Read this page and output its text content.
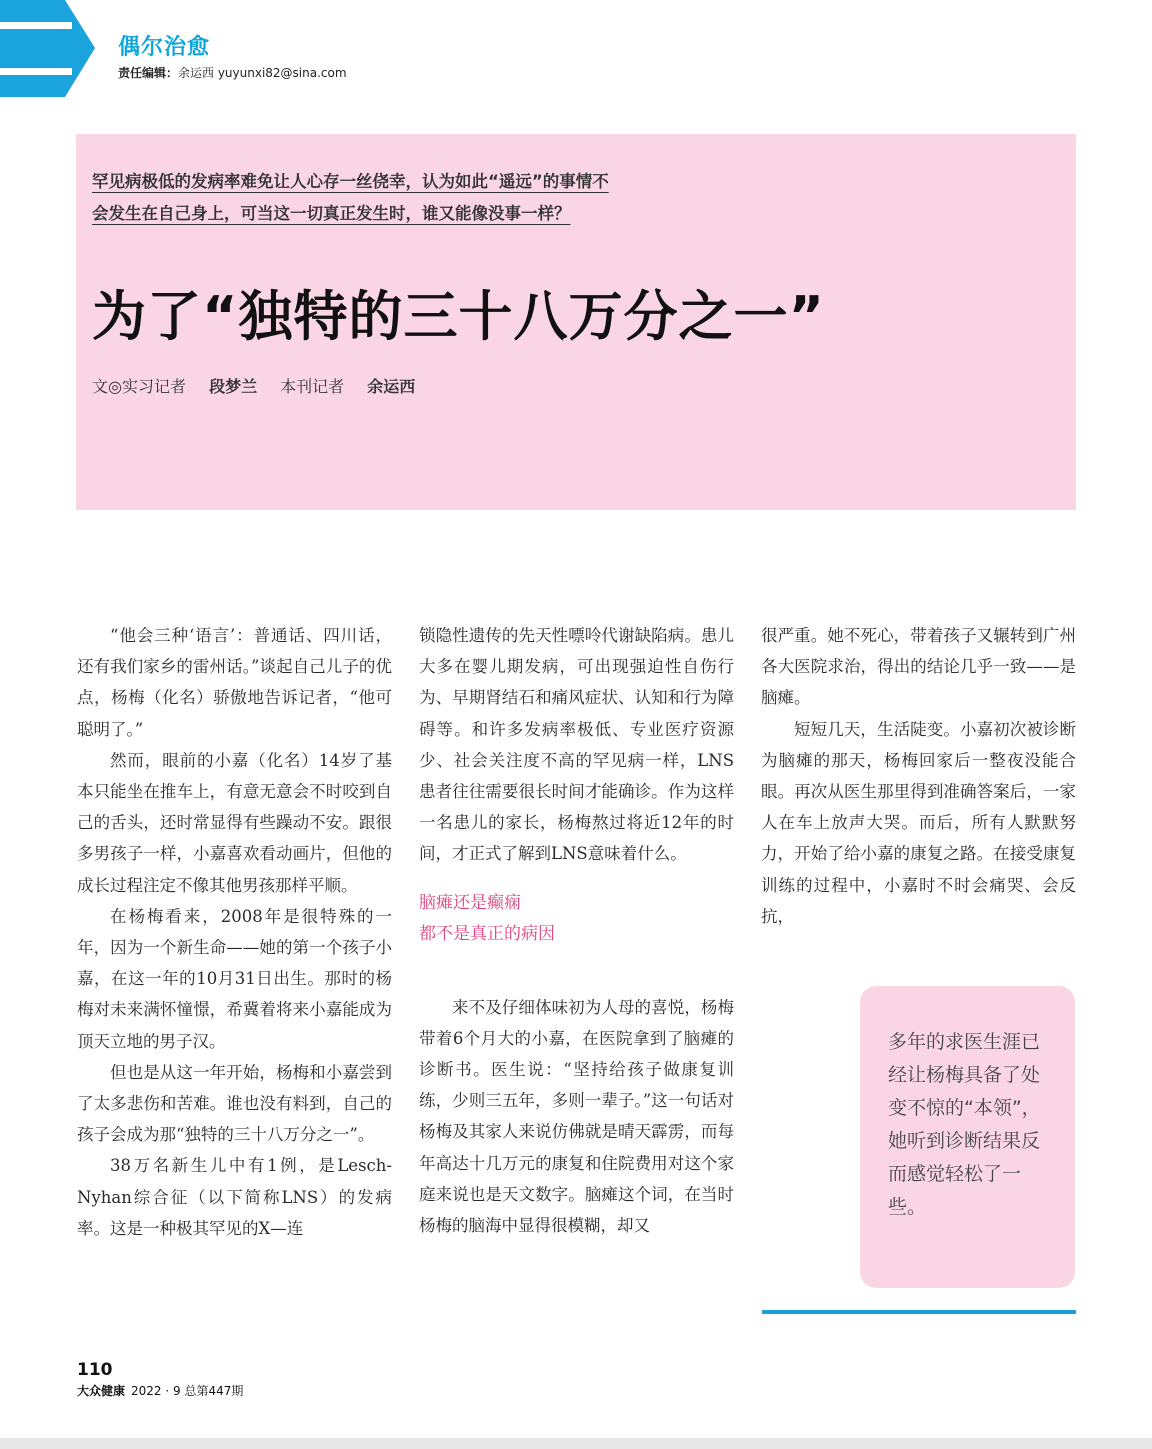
偶尔治愈
责任编辑：余运西 yuyunxi82@sina.com
罕见病极低的发病率难免让人心存一丝侥幸，认为如此“遥远”的事情不
会发生在自己身上，可当这一切真正发生时，谁又能像没事一样？
为了“独特的三十八万分之一”
文◎实习记者 段梦兰 本刊记者 余运西

“他会三种‘语言’：普通话、四川话，还有我们家乡的雷州话。”谈起自己儿子的优点，杨梅（化名）骄傲地告诉记者，“他可聪明了。”

然而，眼前的小嘉（化名）14岁了基本只能坐在推车上，有意无意会不时咬到自己的舌头，还时常显得有些躁动不安。跟很多男孩子一样，小嘉喜欢看动画片，但他的成长过程注定不像其他男孩那样平顺。

在杨梅看来，2008年是很特殊的一年，因为一个新生命——她的第一个孩子小嘉，在这一年的10月31日出生。那时的杨梅对未来满怀憧憬，希冀着将来小嘉能成为顶天立地的男子汉。

但也是从这一年开始，杨梅和小嘉尝到了太多悲伤和苦难。谁也没有料到，自己的孩子会成为那“独特的三十八万分之一”。

38万名新生儿中有1例，是Lesch-Nyhan综合征（以下简称LNS）的发病率。这是一种极其罕见的X—连

锁隐性遗传的先天性嘌呤代谢缺陷病。患儿大多在婴儿期发病，可出现强迫性自伤行为、早期肾结石和痛风症状、认知和行为障碍等。和许多发病率极低、专业医疗资源少、社会关注度不高的罕见病一样，LNS患者往往需要很长时间才能确诊。作为这样一名患儿的家长，杨梅熬过将近12年的时间，才正式了解到LNS意味着什么。

脑瘫还是癫痫
都不是真正的病因

来不及仔细体味初为人母的喜悦，杨梅带着6个月大的小嘉，在医院拿到了脑瘫的诊断书。医生说：“坚持给孩子做康复训练，少则三五年，多则一辈子。”这一句话对杨梅及其家人来说仿佛就是晴天霹雳，而每年高达十几万元的康复和住院费用对这个家庭来说也是天文数字。脑瘫这个词，在当时杨梅的脑海中显得很模糊，却又

很严重。她不死心，带着孩子又辗转到广州各大医院求治，得出的结论几乎一致——是脑瘫。

短短几天，生活陡变。小嘉初次被诊断为脑瘫的那天，杨梅回家后一整夜没能合眼。再次从医生那里得到准确答案后，一家人在车上放声大哭。而后，所有人默默努力，开始了给小嘉的康复之路。在接受康复训练的过程中，小嘉时不时会痛哭、会反抗，

多年的求医生涯已经让杨梅具备了处变不惊的“本领”，她听到诊断结果反而感觉轻松了一些。
110
大众健康 2022 · 9 总第447期
